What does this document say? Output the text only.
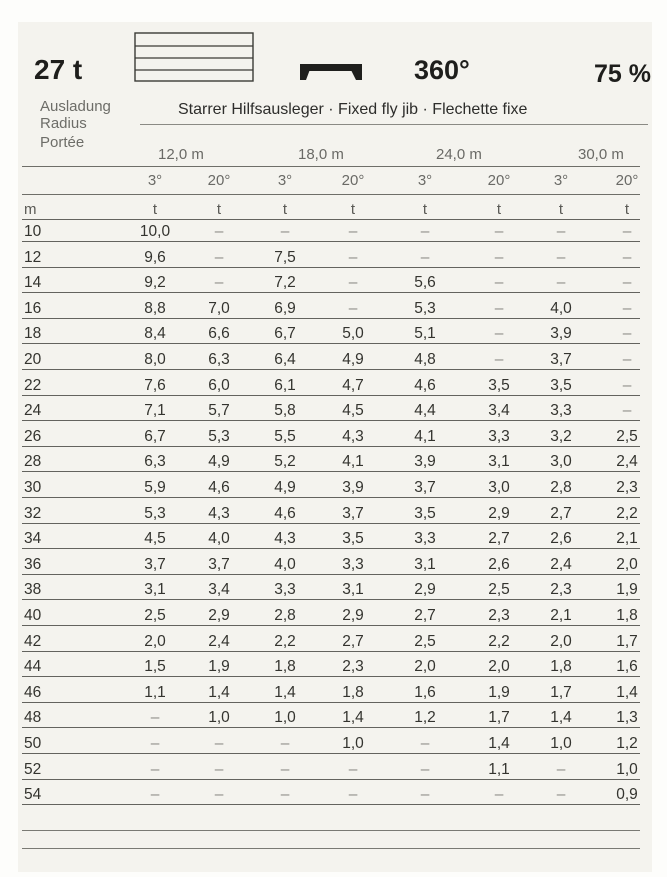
27 t	360°	75 %
Ausladung
Radius
Portée
Starrer Hilfsausleger · Fixed fly jib · Flechette fixe
12,0 m	18,0 m	24,0 m	30,0 m
3°	20°	3°	20°	3°	20°	3°	20°
m	t	t	t	t	t	t	t	t
10	10,0	–	–	–	–	–	–	–
12	9,6	–	7,5	–	–	–	–	–
14	9,2	–	7,2	–	5,6	–	–	–
16	8,8	7,0	6,9	–	5,3	–	4,0	–
18	8,4	6,6	6,7	5,0	5,1	–	3,9	–
20	8,0	6,3	6,4	4,9	4,8	–	3,7	–
22	7,6	6,0	6,1	4,7	4,6	3,5	3,5	–
24	7,1	5,7	5,8	4,5	4,4	3,4	3,3	–
26	6,7	5,3	5,5	4,3	4,1	3,3	3,2	2,5
28	6,3	4,9	5,2	4,1	3,9	3,1	3,0	2,4
30	5,9	4,6	4,9	3,9	3,7	3,0	2,8	2,3
32	5,3	4,3	4,6	3,7	3,5	2,9	2,7	2,2
34	4,5	4,0	4,3	3,5	3,3	2,7	2,6	2,1
36	3,7	3,7	4,0	3,3	3,1	2,6	2,4	2,0
38	3,1	3,4	3,3	3,1	2,9	2,5	2,3	1,9
40	2,5	2,9	2,8	2,9	2,7	2,3	2,1	1,8
42	2,0	2,4	2,2	2,7	2,5	2,2	2,0	1,7
44	1,5	1,9	1,8	2,3	2,0	2,0	1,8	1,6
46	1,1	1,4	1,4	1,8	1,6	1,9	1,7	1,4
48	–	1,0	1,0	1,4	1,2	1,7	1,4	1,3
50	–	–	–	1,0	–	1,4	1,0	1,2
52	–	–	–	–	–	1,1	–	1,0
54	–	–	–	–	–	–	–	0,9
